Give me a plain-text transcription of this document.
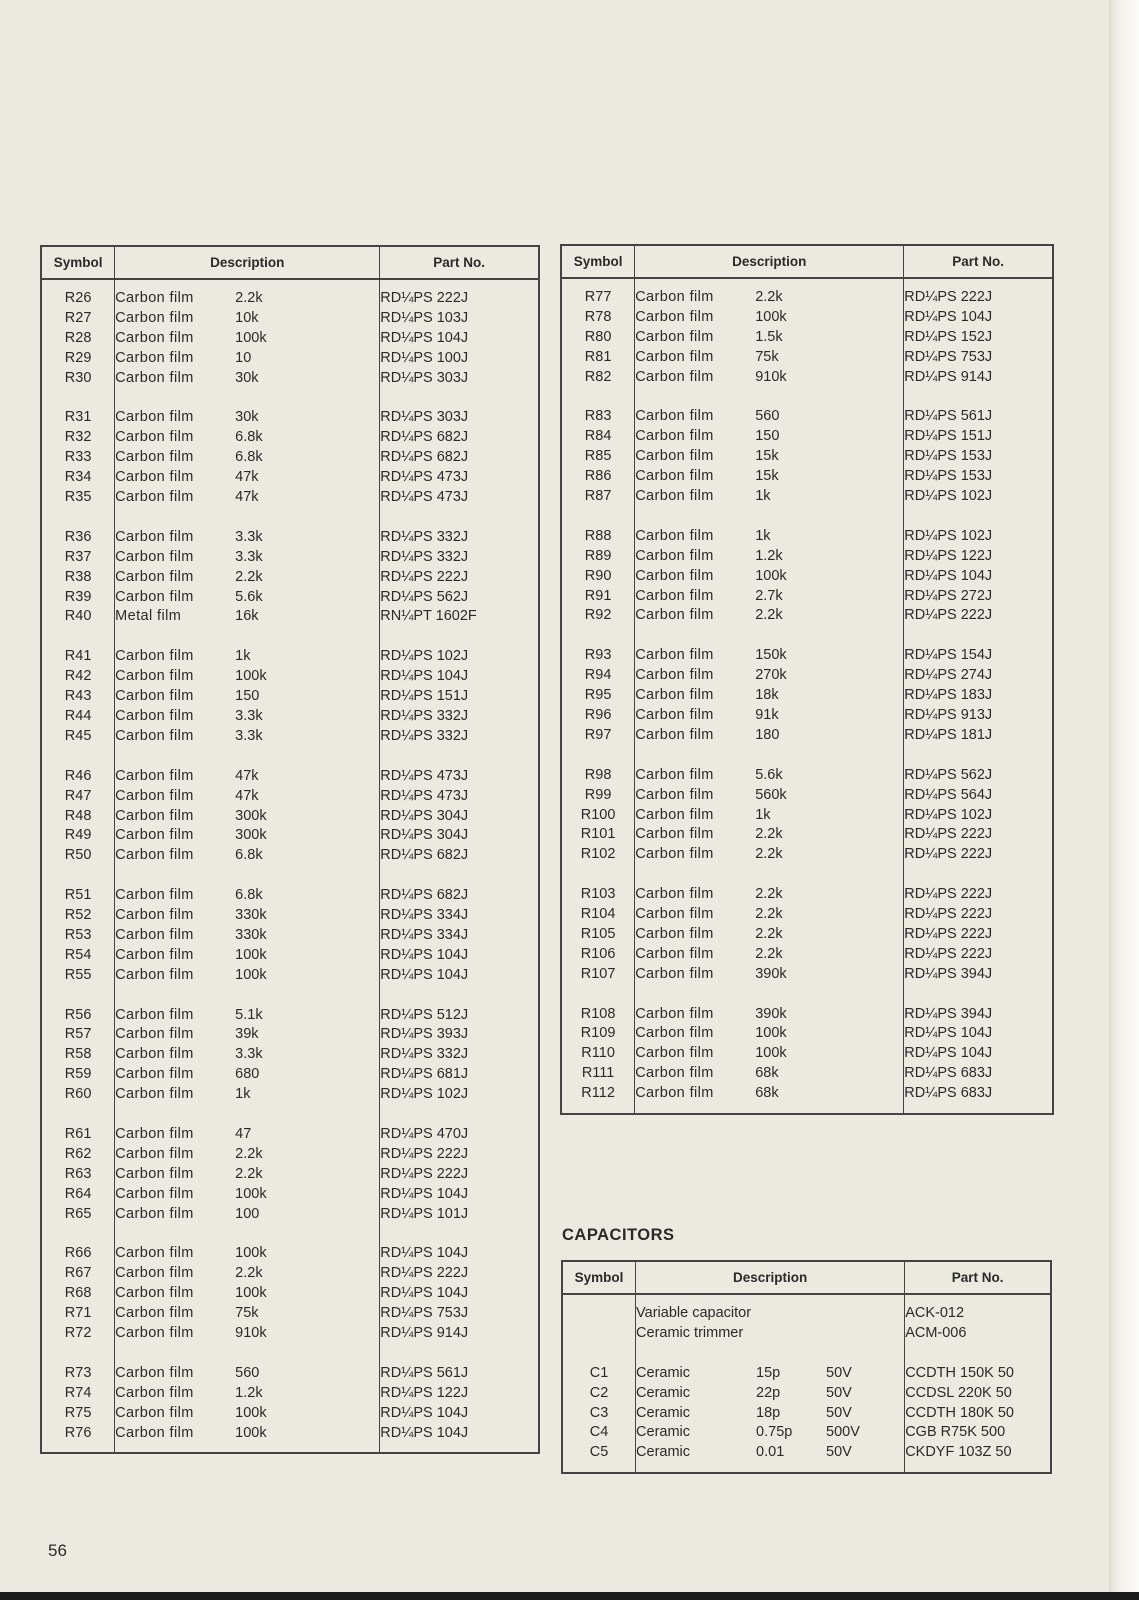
Symbol	Description	Part No.

R26	Carbon film 2.2k	RD¼PS 222J
R27	Carbon film 10k	RD¼PS 103J
R28	Carbon film 100k	RD¼PS 104J
R29	Carbon film 10	RD¼PS 100J
R30	Carbon film 30k	RD¼PS 303J

R31	Carbon film 30k	RD¼PS 303J
R32	Carbon film 6.8k	RD¼PS 682J
R33	Carbon film 6.8k	RD¼PS 682J
R34	Carbon film 47k	RD¼PS 473J
R35	Carbon film 47k	RD¼PS 473J

R36	Carbon film 3.3k	RD¼PS 332J
R37	Carbon film 3.3k	RD¼PS 332J
R38	Carbon film 2.2k	RD¼PS 222J
R39	Carbon film 5.6k	RD¼PS 562J
R40	Metal film 16k	RN¼PT 1602F

R41	Carbon film 1k	RD¼PS 102J
R42	Carbon film 100k	RD¼PS 104J
R43	Carbon film 150	RD¼PS 151J
R44	Carbon film 3.3k	RD¼PS 332J
R45	Carbon film 3.3k	RD¼PS 332J

R46	Carbon film 47k	RD¼PS 473J
R47	Carbon film 47k	RD¼PS 473J
R48	Carbon film 300k	RD¼PS 304J
R49	Carbon film 300k	RD¼PS 304J
R50	Carbon film 6.8k	RD¼PS 682J

R51	Carbon film 6.8k	RD¼PS 682J
R52	Carbon film 330k	RD¼PS 334J
R53	Carbon film 330k	RD¼PS 334J
R54	Carbon film 100k	RD¼PS 104J
R55	Carbon film 100k	RD¼PS 104J

R56	Carbon film 5.1k	RD¼PS 512J
R57	Carbon film 39k	RD¼PS 393J
R58	Carbon film 3.3k	RD¼PS 332J
R59	Carbon film 680	RD¼PS 681J
R60	Carbon film 1k	RD¼PS 102J

R61	Carbon film 47	RD¼PS 470J
R62	Carbon film 2.2k	RD¼PS 222J
R63	Carbon film 2.2k	RD¼PS 222J
R64	Carbon film 100k	RD¼PS 104J
R65	Carbon film 100	RD¼PS 101J

R66	Carbon film 100k	RD¼PS 104J
R67	Carbon film 2.2k	RD¼PS 222J
R68	Carbon film 100k	RD¼PS 104J
R71	Carbon film 75k	RD¼PS 753J
R72	Carbon film 910k	RD¼PS 914J

R73	Carbon film 560	RD¼PS 561J
R74	Carbon film 1.2k	RD¼PS 122J
R75	Carbon film 100k	RD¼PS 104J
R76	Carbon film 100k	RD¼PS 104J

Symbol	Description	Part No.

R77	Carbon film 2.2k	RD¼PS 222J
R78	Carbon film 100k	RD¼PS 104J
R80	Carbon film 1.5k	RD¼PS 152J
R81	Carbon film 75k	RD¼PS 753J
R82	Carbon film 910k	RD¼PS 914J

R83	Carbon film 560	RD¼PS 561J
R84	Carbon film 150	RD¼PS 151J
R85	Carbon film 15k	RD¼PS 153J
R86	Carbon film 15k	RD¼PS 153J
R87	Carbon film 1k	RD¼PS 102J

R88	Carbon film 1k	RD¼PS 102J
R89	Carbon film 1.2k	RD¼PS 122J
R90	Carbon film 100k	RD¼PS 104J
R91	Carbon film 2.7k	RD¼PS 272J
R92	Carbon film 2.2k	RD¼PS 222J

R93	Carbon film 150k	RD¼PS 154J
R94	Carbon film 270k	RD¼PS 274J
R95	Carbon film 18k	RD¼PS 183J
R96	Carbon film 91k	RD¼PS 913J
R97	Carbon film 180	RD¼PS 181J

R98	Carbon film 5.6k	RD¼PS 562J
R99	Carbon film 560k	RD¼PS 564J
R100	Carbon film 1k	RD¼PS 102J
R101	Carbon film 2.2k	RD¼PS 222J
R102	Carbon film 2.2k	RD¼PS 222J

R103	Carbon film 2.2k	RD¼PS 222J
R104	Carbon film 2.2k	RD¼PS 222J
R105	Carbon film 2.2k	RD¼PS 222J
R106	Carbon film 2.2k	RD¼PS 222J
R107	Carbon film 390k	RD¼PS 394J

R108	Carbon film 390k	RD¼PS 394J
R109	Carbon film 100k	RD¼PS 104J
R110	Carbon film 100k	RD¼PS 104J
R111	Carbon film 68k	RD¼PS 683J
R112	Carbon film 68k	RD¼PS 683J

CAPACITORS
Symbol	Description	Part No.

	Variable capacitor	ACK-012
	Ceramic trimmer	ACM-006

C1	Ceramic 15p 50V	CCDTH 150K 50
C2	Ceramic 22p 50V	CCDSL 220K 50
C3	Ceramic 18p 50V	CCDTH 180K 50
C4	Ceramic 0.75p 500V	CGB R75K 500
C5	Ceramic 0.01 50V	CKDYF 103Z 50

56
